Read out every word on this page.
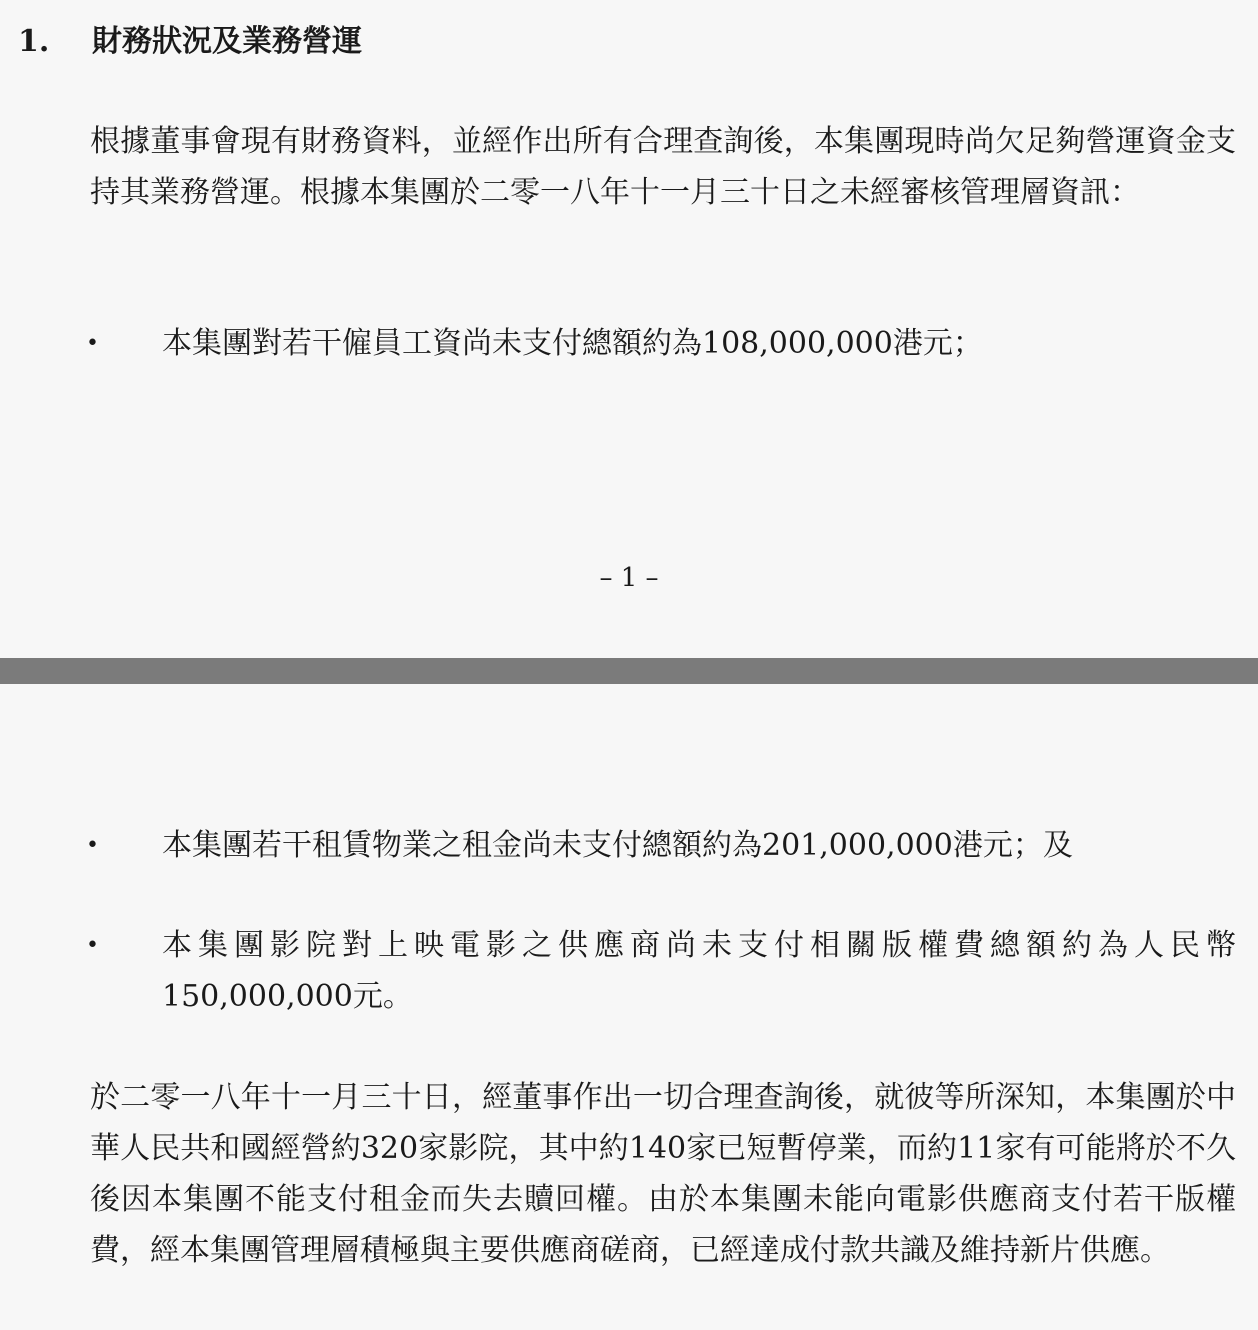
1. 財務狀況及業務營運

根據董事會現有財務資料，並經作出所有合理查詢後，本集團現時尚欠足夠營運資金支持其業務營運。根據本集團於二零一八年十一月三十日之未經審核管理層資訊：

• 本集團對若干僱員工資尚未支付總額約為108,000,000港元；
– 1 –
• 本集團若干租賃物業之租金尚未支付總額約為201,000,000港元；及
• 本集團影院對上映電影之供應商尚未支付相關版權費總額約為人民幣150,000,000元。

於二零一八年十一月三十日，經董事作出一切合理查詢後，就彼等所深知，本集團於中華人民共和國經營約320家影院，其中約140家已短暫停業，而約11家有可能將於不久後因本集團不能支付租金而失去贖回權。由於本集團未能向電影供應商支付若干版權費，經本集團管理層積極與主要供應商磋商，已經達成付款共識及維持新片供應。
